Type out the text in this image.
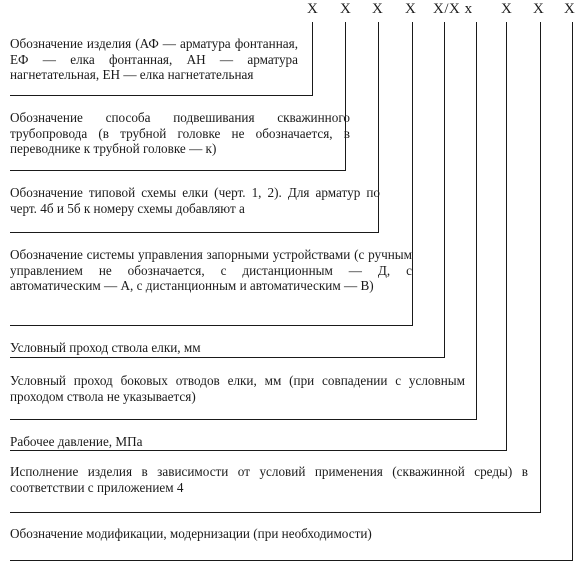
X X X X X/X x X X X
Обозначение изделия (АФ — арматура фонтанная, ЕФ — елка фонтанная, АН — арматура нагнетательная, ЕН — елка нагнетательная
Обозначение способа подвешивания скважинного трубопровода (в трубной головке не обозначается, в переводнике к трубной головке — к)
Обозначение типовой схемы елки (черт. 1, 2). Для арматур по черт. 4б и 5б к номеру схемы добавляют а
Обозначение системы управления запорными устройствами (с ручным управлением не обозначается, с дистанционным — Д, с автоматическим — А, с дистанционным и автоматическим — В)
Условный проход ствола елки, мм
Условный проход боковых отводов елки, мм (при совпадении с условным проходом ствола не указывается)
Рабочее давление, МПа
Исполнение изделия в зависимости от условий применения (скважинной среды) в соответствии с приложением 4
Обозначение модификации, модернизации (при необходимости)
